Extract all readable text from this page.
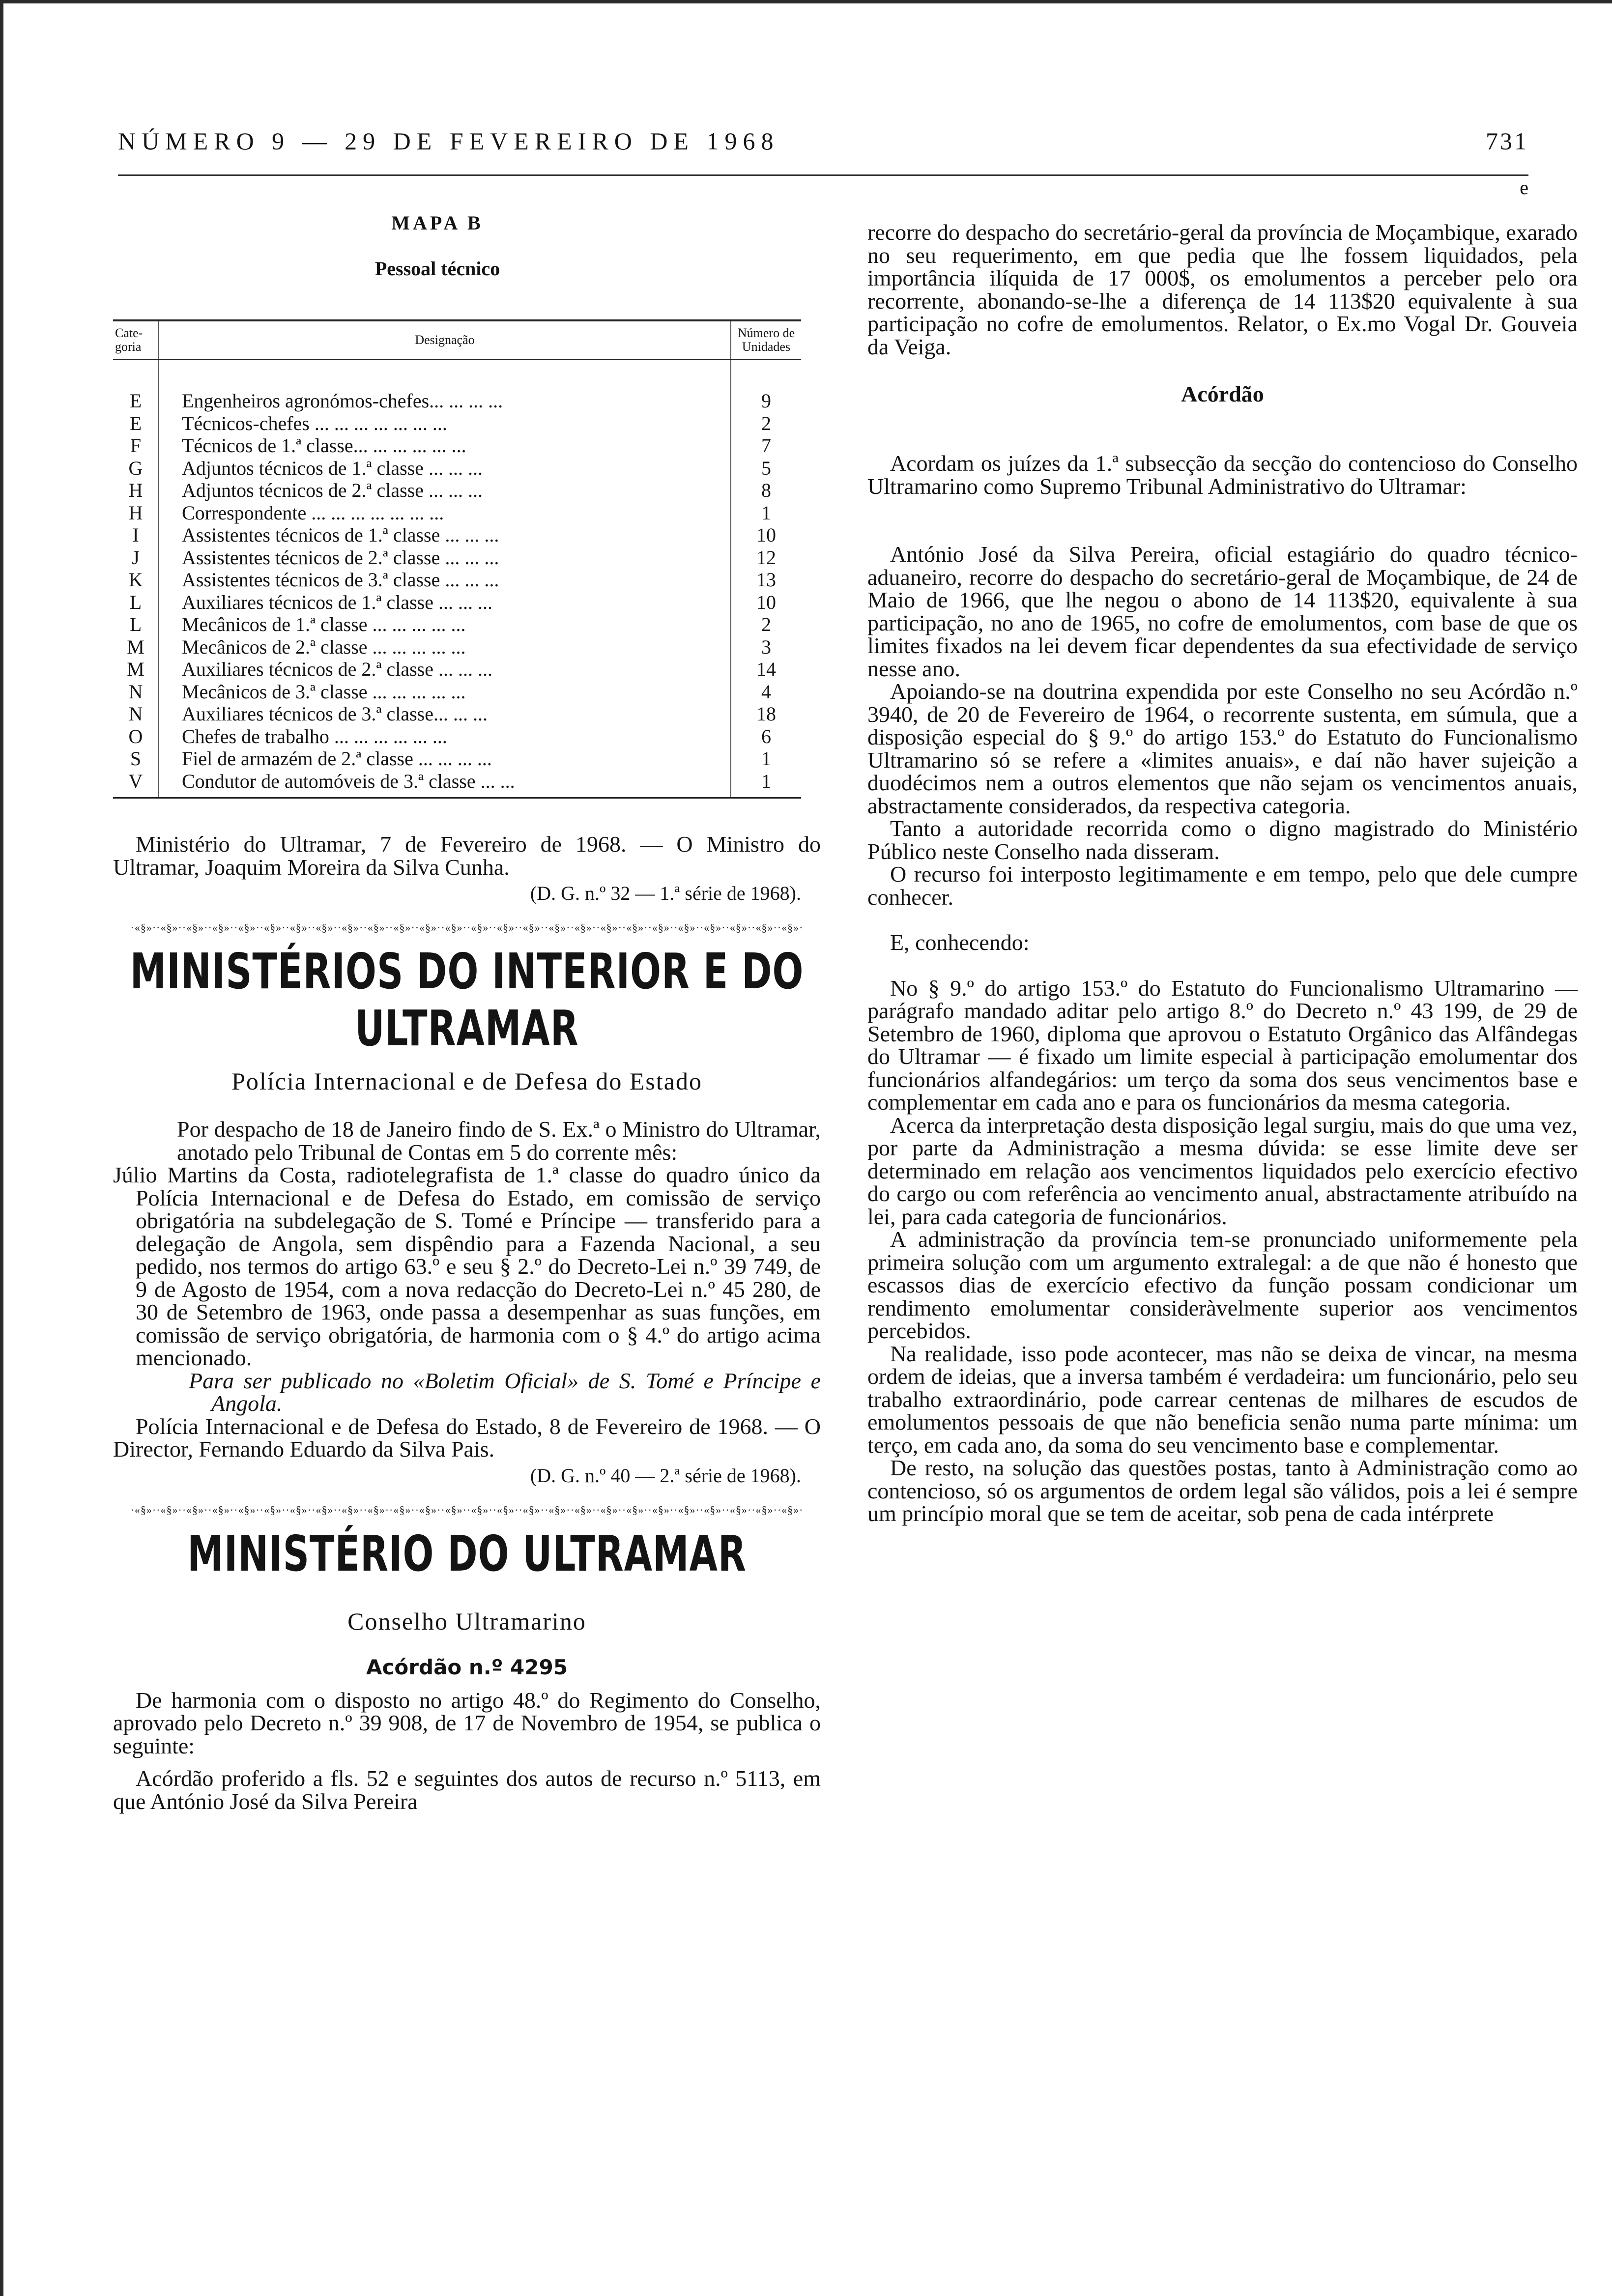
NÚMERO 9 — 29 DE FEVEREIRO DE 1968	731
e
MAPA B
Pessoal técnico
Cate-goria	Designação	Número de Unidades
E	Engenheiros agronómos-chefes... ... ... ...	9
E	Técnicos-chefes ... ... ... ... ... ... ...	2
F	Técnicos de 1.ª classe... ... ... ... ... ...	7
G	Adjuntos técnicos de 1.ª classe ... ... ...	5
H	Adjuntos técnicos de 2.ª classe ... ... ...	8
H	Correspondente ... ... ... ... ... ... ...	1
I	Assistentes técnicos de 1.ª classe ... ... ...	10
J	Assistentes técnicos de 2.ª classe ... ... ...	12
K	Assistentes técnicos de 3.ª classe ... ... ...	13
L	Auxiliares técnicos de 1.ª classe ... ... ...	10
L	Mecânicos de 1.ª classe ... ... ... ... ...	2
M	Mecânicos de 2.ª classe ... ... ... ... ...	3
M	Auxiliares técnicos de 2.ª classe ... ... ...	14
N	Mecânicos de 3.ª classe ... ... ... ... ...	4
N	Auxiliares técnicos de 3.ª classe... ... ...	18
O	Chefes de trabalho ... ... ... ... ... ...	6
S	Fiel de armazém de 2.ª classe ... ... ... ...	1
V	Condutor de automóveis de 3.ª classe ... ...	1
Ministério do Ultramar, 7 de Fevereiro de 1968. — O Ministro do Ultramar, Joaquim Moreira da Silva Cunha.
(D. G. n.º 32 — 1.ª série de 1968).
·«§»··«§»··«§»··«§»··«§»··«§»··«§»··«§»··«§»··«§»··«§»··«§»··«§»··«§»··«§»··«§»··«§»··«§»··«§»··«§»··«§»··«§»··«§»··«§»··«§»··«§»·
MINISTÉRIOS DO INTERIOR E DO ULTRAMAR
Polícia Internacional e de Defesa do Estado

Por despacho de 18 de Janeiro findo de S. Ex.ª o Ministro do Ultramar, anotado pelo Tribunal de Contas em 5 do corrente mês:

Júlio Martins da Costa, radiotelegrafista de 1.ª classe do quadro único da Polícia Internacional e de Defesa do Estado, em comissão de serviço obrigatória na subdelegação de S. Tomé e Príncipe — transferido para a delegação de Angola, sem dispêndio para a Fazenda Nacional, a seu pedido, nos termos do artigo 63.º e seu § 2.º do Decreto-Lei n.º 39 749, de 9 de Agosto de 1954, com a nova redacção do Decreto-Lei n.º 45 280, de 30 de Setembro de 1963, onde passa a desempenhar as suas funções, em comissão de serviço obrigatória, de harmonia com o § 4.º do artigo acima mencionado.

Para ser publicado no «Boletim Oficial» de S. Tomé e Príncipe e Angola.

Polícia Internacional e de Defesa do Estado, 8 de Fevereiro de 1968. — O Director, Fernando Eduardo da Silva Pais.

(D. G. n.º 40 — 2.ª série de 1968).
·«§»··«§»··«§»··«§»··«§»··«§»··«§»··«§»··«§»··«§»··«§»··«§»··«§»··«§»··«§»··«§»··«§»··«§»··«§»··«§»··«§»··«§»··«§»··«§»··«§»··«§»·
MINISTÉRIO DO ULTRAMAR
Conselho Ultramarino
Acórdão n.º 4295

De harmonia com o disposto no artigo 48.º do Regimento do Conselho, aprovado pelo Decreto n.º 39 908, de 17 de Novembro de 1954, se publica o seguinte:

Acórdão proferido a fls. 52 e seguintes dos autos de recurso n.º 5113, em que António José da Silva Pereira

recorre do despacho do secretário-geral da província de Moçambique, exarado no seu requerimento, em que pedia que lhe fossem liquidados, pela importância ilíquida de 17 000$, os emolumentos a perceber pelo ora recorrente, abonando-se-lhe a diferença de 14 113$20 equivalente à sua participação no cofre de emolumentos. Relator, o Ex.mo Vogal Dr. Gouveia da Veiga.

Acórdão

Acordam os juízes da 1.ª subsecção da secção do contencioso do Conselho Ultramarino como Supremo Tribunal Administrativo do Ultramar:

António José da Silva Pereira, oficial estagiário do quadro técnico-aduaneiro, recorre do despacho do secretário-geral de Moçambique, de 24 de Maio de 1966, que lhe negou o abono de 14 113$20, equivalente à sua participação, no ano de 1965, no cofre de emolumentos, com base de que os limites fixados na lei devem ficar dependentes da sua efectividade de serviço nesse ano.

Apoiando-se na doutrina expendida por este Conselho no seu Acórdão n.º 3940, de 20 de Fevereiro de 1964, o recorrente sustenta, em súmula, que a disposição especial do § 9.º do artigo 153.º do Estatuto do Funcionalismo Ultramarino só se refere a «limites anuais», e daí não haver sujeição a duodécimos nem a outros elementos que não sejam os vencimentos anuais, abstractamente considerados, da respectiva categoria.

Tanto a autoridade recorrida como o digno magistrado do Ministério Público neste Conselho nada disseram.

O recurso foi interposto legitimamente e em tempo, pelo que dele cumpre conhecer.

E, conhecendo:

No § 9.º do artigo 153.º do Estatuto do Funcionalismo Ultramarino — parágrafo mandado aditar pelo artigo 8.º do Decreto n.º 43 199, de 29 de Setembro de 1960, diploma que aprovou o Estatuto Orgânico das Alfândegas do Ultramar — é fixado um limite especial à participação emolumentar dos funcionários alfandegários: um terço da soma dos seus vencimentos base e complementar em cada ano e para os funcionários da mesma categoria.

Acerca da interpretação desta disposição legal surgiu, mais do que uma vez, por parte da Administração a mesma dúvida: se esse limite deve ser determinado em relação aos vencimentos liquidados pelo exercício efectivo do cargo ou com referência ao vencimento anual, abstractamente atribuído na lei, para cada categoria de funcionários.

A administração da província tem-se pronunciado uniformemente pela primeira solução com um argumento extralegal: a de que não é honesto que escassos dias de exercício efectivo da função possam condicionar um rendimento emolumentar consideràvelmente superior aos vencimentos percebidos.

Na realidade, isso pode acontecer, mas não se deixa de vincar, na mesma ordem de ideias, que a inversa também é verdadeira: um funcionário, pelo seu trabalho extraordinário, pode carrear centenas de milhares de escudos de emolumentos pessoais de que não beneficia senão numa parte mínima: um terço, em cada ano, da soma do seu vencimento base e complementar.

De resto, na solução das questões postas, tanto à Administração como ao contencioso, só os argumentos de ordem legal são válidos, pois a lei é sempre um princípio moral que se tem de aceitar, sob pena de cada intérprete
